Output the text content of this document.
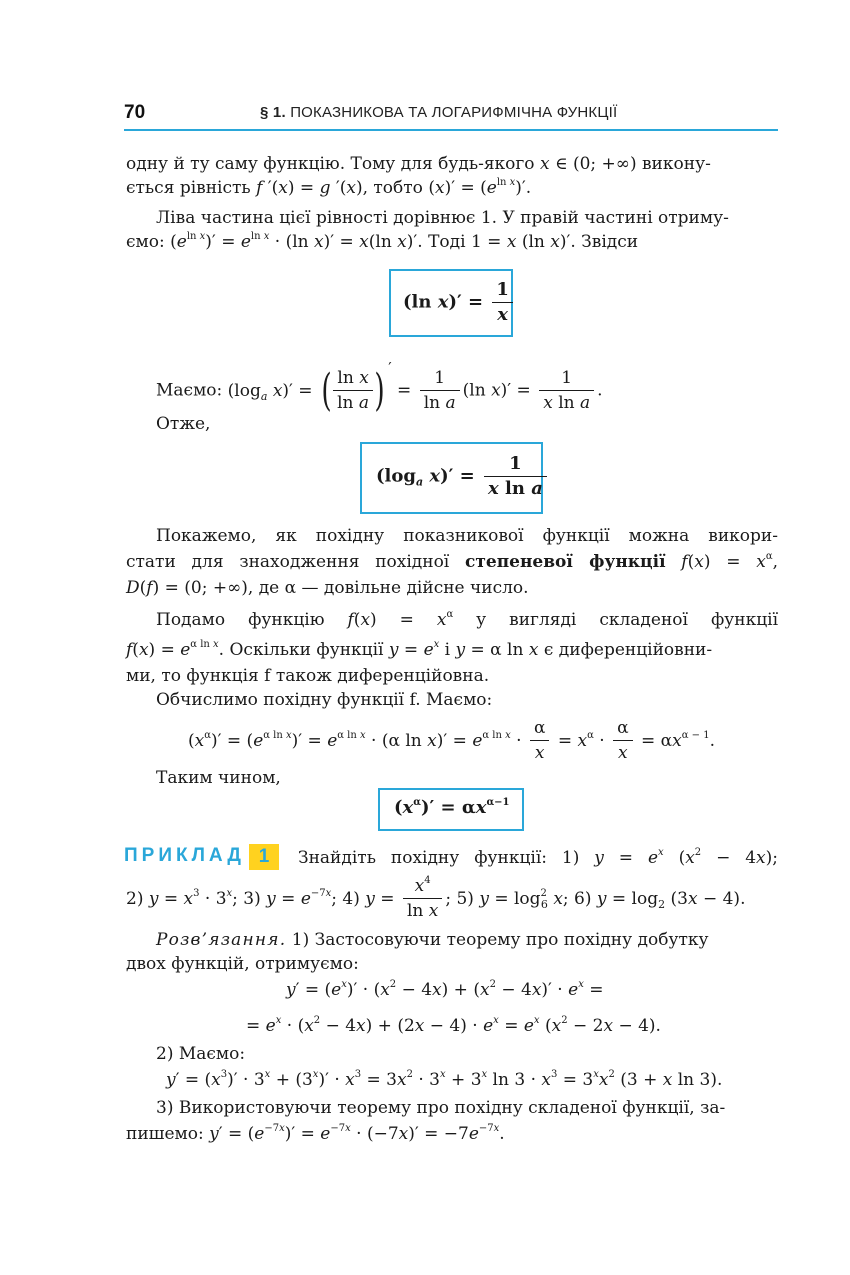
70	§ 1. ПОКАЗНИКОВА ТА ЛОГАРИФМІЧНА ФУНКЦІЇ
одну й ту саму функцію. Тому для будь-якого x ∈ (0; +∞) викону-
ється рівність f ′(x) = g ′(x), тобто $(x)' = (e^{ln x})'$.
Ліва частина цієї рівності дорівнює 1. У правій частині отриму-
ємо: $(e^{ln x})' = e^{ln x} \cdot (\ln$ x)′ = x(ln x)′. Тоді 1 = x (ln x)′. Звідси
(ln $x)' = \frac{1}{x}$
Маємо: ($\log_a$ x)′ = ( $\frac{\text{ln x}}{\text{ln a}}$ ) ′ = $\frac{1}{\text{ln a}} (\ln$ $x)' = \frac{1}{\text{x ln a}}$ .
Отже,
($\log_a$ $x)' = \frac{1}{\text{x ln a}}$
Покажемо, як похідну показникової функції можна викори-
стати для знаходження похідної степеневої функції $f(x) = x^\alpha$,
D(f) = (0; +∞), де α — довільне дійсне число.
Подамо функцію $f(x) = x^\alpha$ у вигляді складеної функції
$f(x) = e^{\alpha ln x}$. Оскільки функції $y = e^x$ і y = α ln x є диференційовни-
ми, то функція f також диференційовна.
Обчислимо похідну функції f. Маємо:
$(x^\alpha)' = (e^{\alpha ln x})' = e^{\alpha ln x} \cdot (\alpha$ $\ln x)' = e^{\alpha ln x} \cdot \frac{\alpha}{x} = x^\alpha \cdot \frac{\alpha}{x} = \alpha x^{\alpha - 1}$.
Таким чином,
$(x^\alpha)' = \alpha x^{\alpha-1}$
ПРИКЛАД 1	Знайдіть похідну функції: 1) $y = e^x$ $(x^2 - 4x)$;
2) $y = x^3 \cdot 3^x$; 3) $y = e^{-7x}$; 4) $y = \frac{x^4}{\text{ln x}}$ ; 5) $y = \log^2_6 x$; 6) $y = \log_2 (3x - 4)$.
Розв’язання. 1) Застосовуючи теорему про похідну добутку
двох функцій, отримуємо:
$y' = (e^x)' \cdot (x^2 - 4x) + (x^2 - 4x)' \cdot e^x$ =
= $e^x \cdot (x^2 - 4x) + (2x - 4) \cdot e^x = e^x$ $(x^2 - 2x - 4)$.
2) Маємо:
$y' = (x^3)' \cdot 3^x + (3^x)' \cdot x^3 = 3x^2 \cdot 3^x + 3^x$ $\ln 3 \cdot x^3 = 3^xx^2$ (3 + x ln 3).
3) Використовуючи теорему про похідну складеної функції, за-
пишемо: $y' = (e^{-7x})' = e^{-7x} \cdot (-7x)' = -7e^{-7x}$.
